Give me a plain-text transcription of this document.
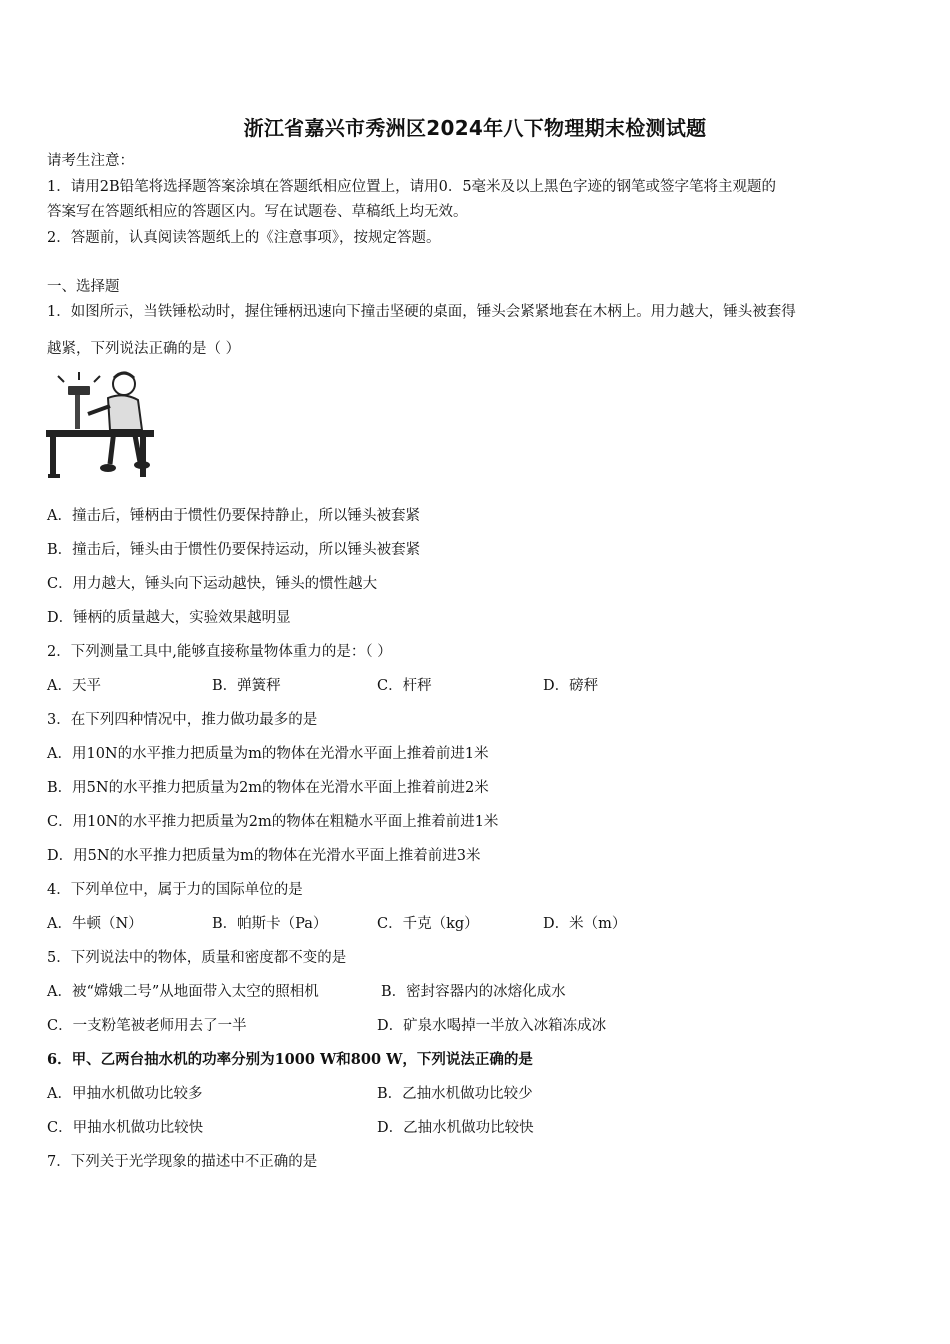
浙江省嘉兴市秀洲区2024年八下物理期末检测试题
请考生注意：
1．请用2B铅笔将选择题答案涂填在答题纸相应位置上，请用0．5毫米及以上黑色字迹的钢笔或签字笔将主观题的
答案写在答题纸相应的答题区内。写在试题卷、草稿纸上均无效。
2．答题前，认真阅读答题纸上的《注意事项》，按规定答题。
一、选择题
1．如图所示，当铁锤松动时，握住锤柄迅速向下撞击坚硬的桌面，锤头会紧紧地套在木柄上。用力越大，锤头被套得
越紧，下列说法正确的是（ ）
A．撞击后，锤柄由于惯性仍要保持静止，所以锤头被套紧
B．撞击后，锤头由于惯性仍要保持运动，所以锤头被套紧
C．用力越大，锤头向下运动越快，锤头的惯性越大
D．锤柄的质量越大，实验效果越明显
2．下列测量工具中,能够直接称量物体重力的是：（ ）
A．天平	B．弹簧秤	C．杆秤	D．磅秤
3．在下列四种情况中，推力做功最多的是
A．用10N的水平推力把质量为m的物体在光滑水平面上推着前进1米
B．用5N的水平推力把质量为2m的物体在光滑水平面上推着前进2米
C．用10N的水平推力把质量为2m的物体在粗糙水平面上推着前进1米
D．用5N的水平推力把质量为m的物体在光滑水平面上推着前进3米
4．下列单位中，属于力的国际单位的是
A．牛顿（N）	B．帕斯卡（Pa）	C．千克（kg）	D．米（m）
5．下列说法中的物体，质量和密度都不变的是
A．被“嫦娥二号”从地面带入太空的照相机	B．密封容器内的冰熔化成水
C．一支粉笔被老师用去了一半	D．矿泉水喝掉一半放入冰箱冻成冰
6．甲、乙两台抽水机的功率分别为1000 W和800 W，下列说法正确的是
A．甲抽水机做功比较多	B．乙抽水机做功比较少
C．甲抽水机做功比较快	D．乙抽水机做功比较快
7．下列关于光学现象的描述中不正确的是
